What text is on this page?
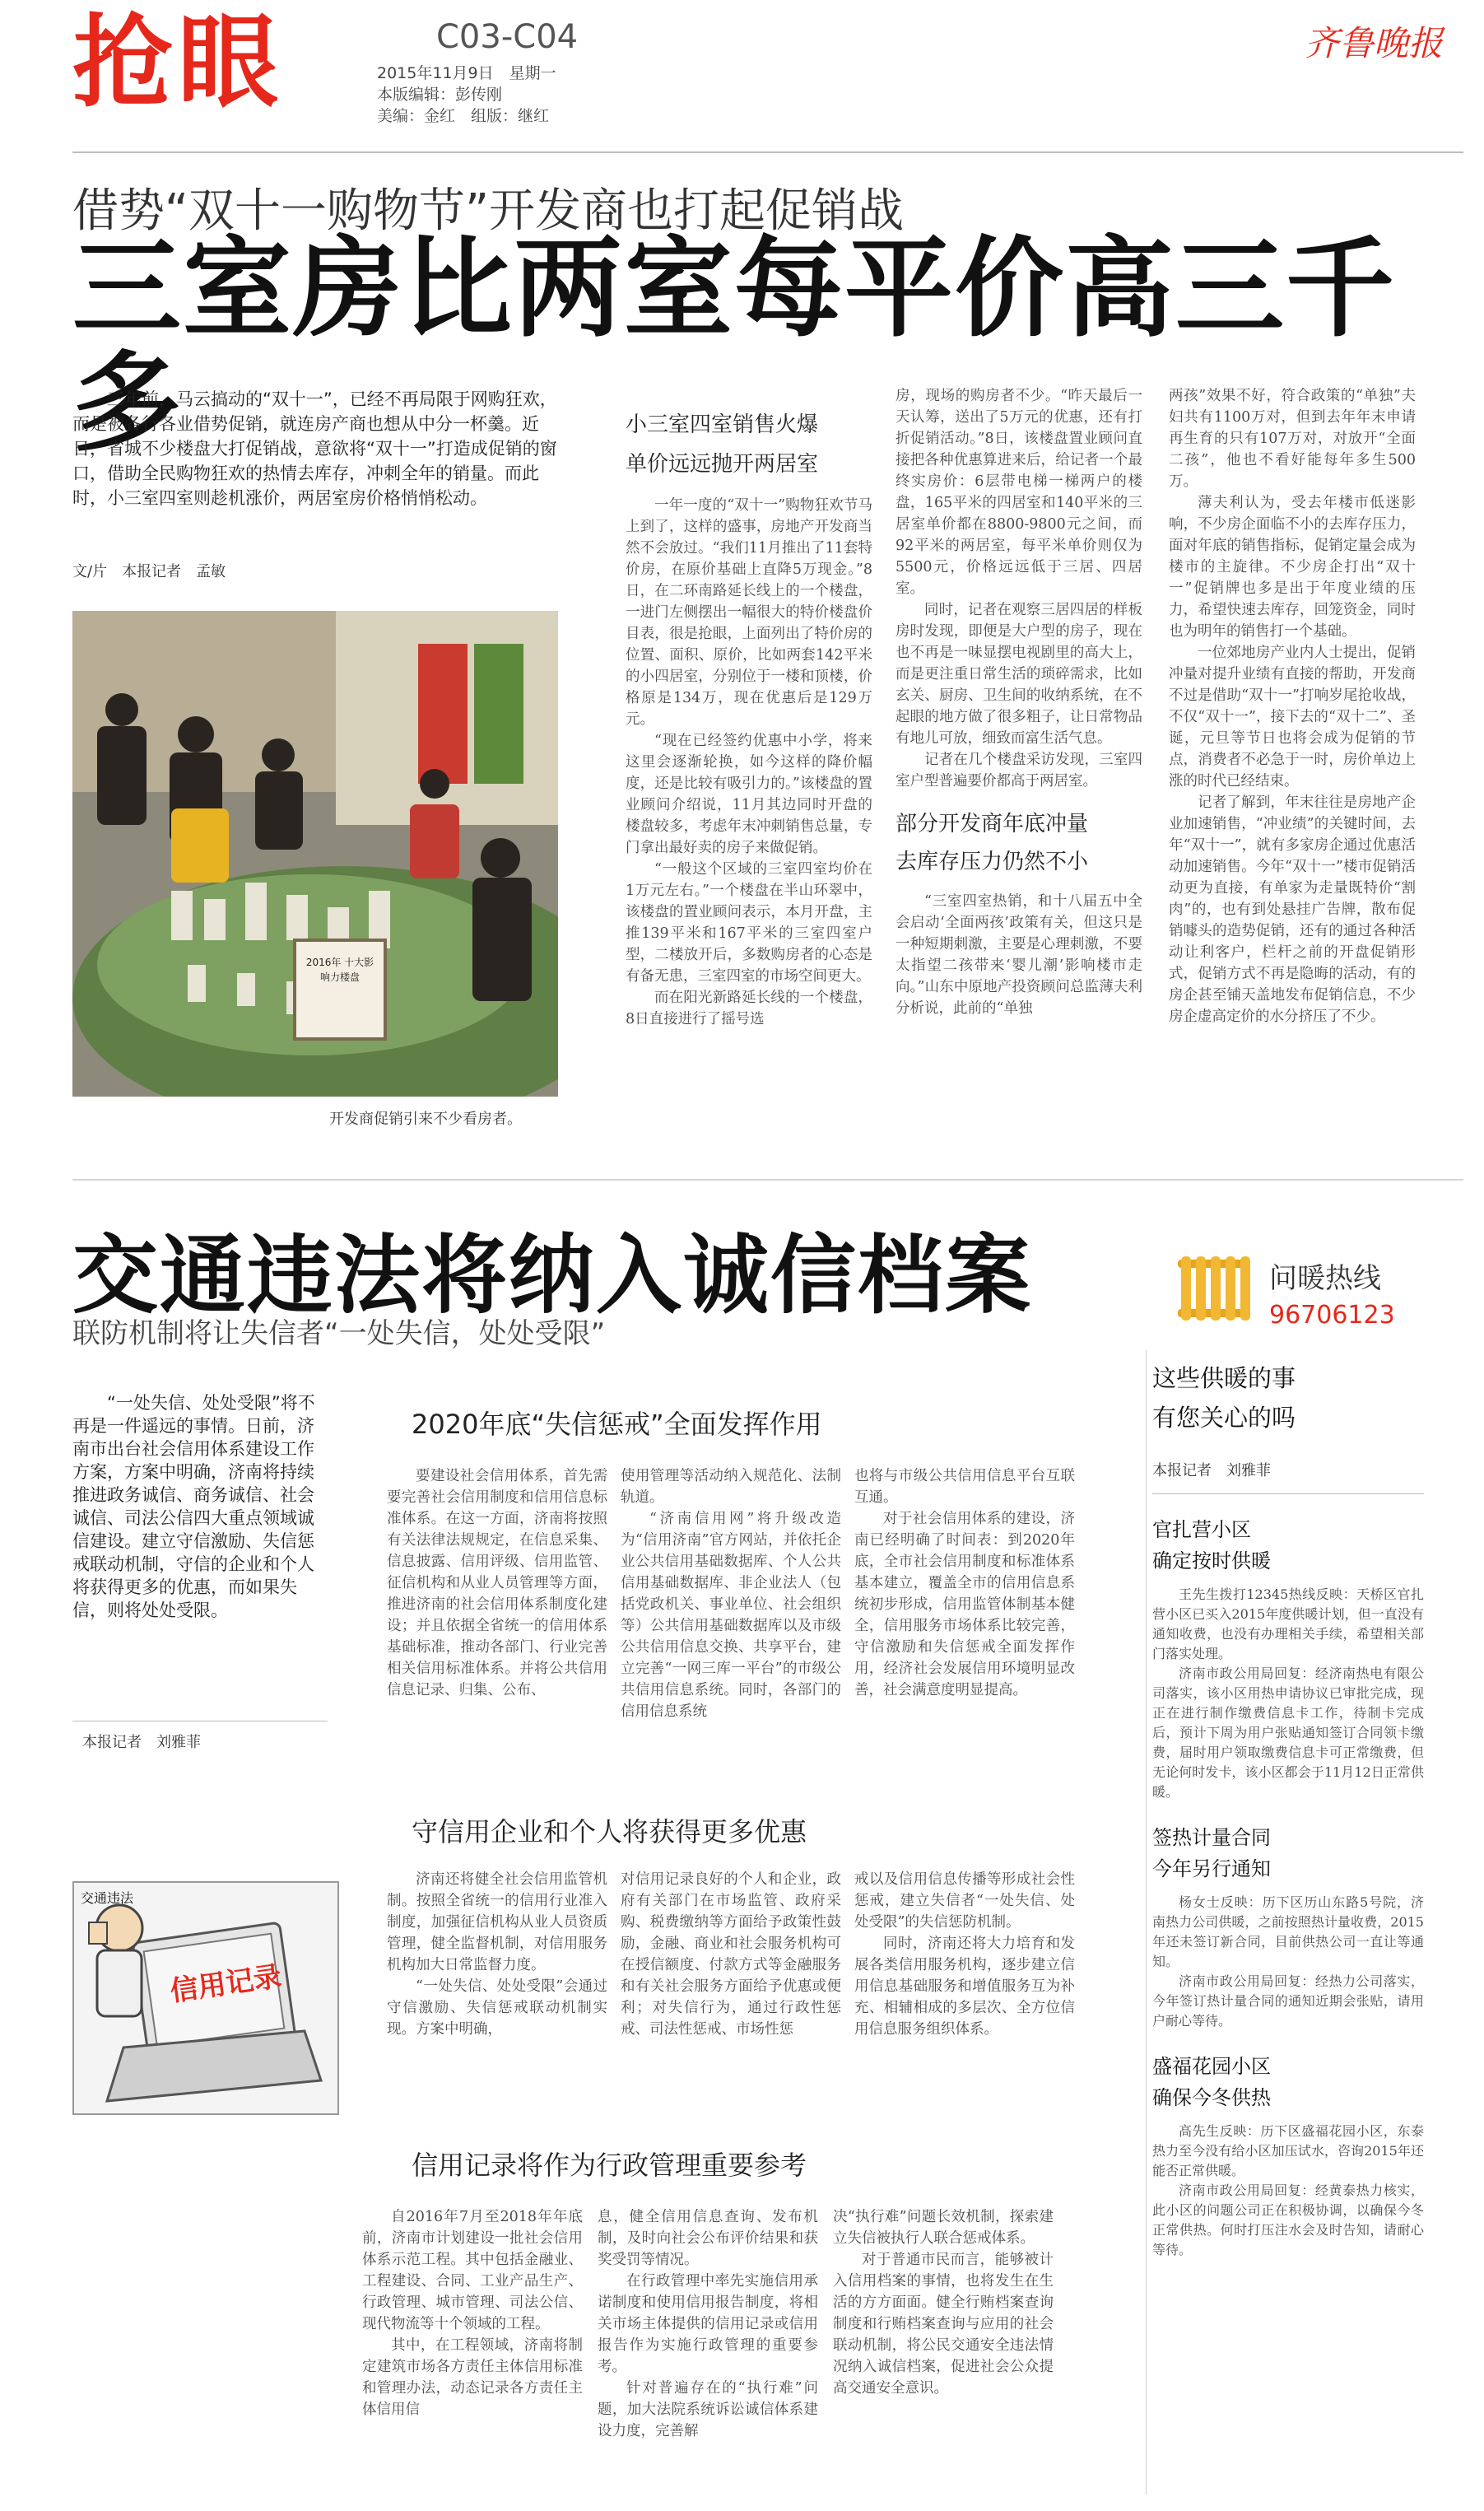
抢眼	C03-C04
2015年11月9日　星期一
本版编辑：彭传刚
美编：金红　组版：继红
齐鲁晚报
借势“双十一购物节”开发商也打起促销战
三室房比两室每平价高三千多

三年前，马云搞动的“双十一”，已经不再局限于网购狂欢，而是被各行各业借势促销，就连房产商也想从中分一杯羹。近日，省城不少楼盘大打促销战，意欲将“双十一”打造成促销的窗口，借助全民购物狂欢的热情去库存，冲刺全年的销量。而此时，小三室四室则趁机涨价，两居室房价格悄悄松动。

文/片　本报记者　孟敏
2016年 十大影响力楼盘
开发商促销引来不少看房者。
小三室四室销售火爆
单价远远抛开两居室

一年一度的“双十一”购物狂欢节马上到了，这样的盛事，房地产开发商当然不会放过。“我们11月推出了11套特价房，在原价基础上直降5万现金。”8日，在二环南路延长线上的一个楼盘，一进门左侧摆出一幅很大的特价楼盘价目表，很是抢眼，上面列出了特价房的位置、面积、原价，比如两套142平米的小四居室，分别位于一楼和顶楼，价格原是134万，现在优惠后是129万元。

“现在已经签约优惠中小学，将来这里会逐渐轮换，如今这样的降价幅度，还是比较有吸引力的。”该楼盘的置业顾问介绍说，11月其边同时开盘的楼盘较多，考虑年末冲刺销售总量，专门拿出最好卖的房子来做促销。

“一般这个区域的三室四室均价在1万元左右。”一个楼盘在半山环翠中，该楼盘的置业顾问表示，本月开盘，主推139平米和167平米的三室四室户型，二楼放开后，多数购房者的心态是有备无患，三室四室的市场空间更大。

而在阳光新路延长线的一个楼盘，8日直接进行了摇号选

房，现场的购房者不少。“昨天最后一天认筹，送出了5万元的优惠，还有打折促销活动。”8日，该楼盘置业顾问直接把各种优惠算进来后，给记者一个最终实房价：6层带电梯一梯两户的楼盘，165平米的四居室和140平米的三居室单价都在8800-9800元之间，而92平米的两居室，每平米单价则仅为5500元，价格远远低于三居、四居室。

同时，记者在观察三居四居的样板房时发现，即便是大户型的房子，现在也不再是一味显摆电视剧里的高大上，而是更注重日常生活的琐碎需求，比如玄关、厨房、卫生间的收纳系统，在不起眼的地方做了很多粗子，让日常物品有地儿可放，细致而富生活气息。

记者在几个楼盘采访发现，三室四室户型普遍要价都高于两居室。

部分开发商年底冲量
去库存压力仍然不小

“三室四室热销，和十八届五中全会启动‘全面两孩’政策有关，但这只是一种短期刺激，主要是心理刺激，不要太指望二孩带来‘婴儿潮’影响楼市走向。”山东中原地产投资顾问总监薄夫利分析说，此前的“单独

两孩”效果不好，符合政策的“单独”夫妇共有1100万对，但到去年年末申请再生育的只有107万对，对放开“全面二孩”，他也不看好能每年多生500万。

薄夫利认为，受去年楼市低迷影响，不少房企面临不小的去库存压力，面对年底的销售指标，促销定量会成为楼市的主旋律。不少房企打出“双十一”促销牌也多是出于年度业绩的压力，希望快速去库存，回笼资金，同时也为明年的销售打一个基础。

一位郊地房产业内人士提出，促销冲量对提升业绩有直接的帮助，开发商不过是借助“双十一”打响岁尾抢收战，不仅“双十一”，接下去的“双十二”、圣诞，元旦等节日也将会成为促销的节点，消费者不必急于一时，房价单边上涨的时代已经结束。

记者了解到，年末往往是房地产企业加速销售，“冲业绩”的关键时间，去年“双十一”，就有多家房企通过优惠活动加速销售。今年“双十一”楼市促销活动更为直接，有单家为走量既特价“割肉”的，也有到处悬挂广告牌，散布促销噱头的造势促销，还有的通过各种活动让利客户，栏杆之前的开盘促销形式，促销方式不再是隐晦的活动，有的房企甚至铺天盖地发布促销信息，不少房企虚高定价的水分挤压了不少。

交通违法将纳入诚信档案
联防机制将让失信者“一处失信，处处受限”
问暖热线
96706123

“一处失信、处处受限”将不再是一件遥远的事情。日前，济南市出台社会信用体系建设工作方案，方案中明确，济南将持续推进政务诚信、商务诚信、社会诚信、司法公信四大重点领域诚信建设。建立守信激励、失信惩戒联动机制，守信的企业和个人将获得更多的优惠，而如果失信，则将处处受限。

本报记者　刘雅菲
交通违法
信用记录
2020年底“失信惩戒”全面发挥作用

要建设社会信用体系，首先需要完善社会信用制度和信用信息标准体系。在这一方面，济南将按照有关法律法规规定，在信息采集、信息披露、信用评级、信用监管、征信机构和从业人员管理等方面，推进济南的社会信用体系制度化建设；并且依据全省统一的信用体系基础标准，推动各部门、行业完善相关信用标准体系。并将公共信用信息记录、归集、公布、

使用管理等活动纳入规范化、法制轨道。

“济南信用网”将升级改造为“信用济南”官方网站，并依托企业公共信用基础数据库、个人公共信用基础数据库、非企业法人（包括党政机关、事业单位、社会组织等）公共信用基础数据库以及市级公共信用信息交换、共享平台，建立完善“一网三库一平台”的市级公共信用信息系统。同时，各部门的信用信息系统

也将与市级公共信用信息平台互联互通。

对于社会信用体系的建设，济南已经明确了时间表：到2020年底，全市社会信用制度和标准体系基本建立，覆盖全市的信用信息系统初步形成，信用监管体制基本健全，信用服务市场体系比较完善，守信激励和失信惩戒全面发挥作用，经济社会发展信用环境明显改善，社会满意度明显提高。

守信用企业和个人将获得更多优惠

济南还将健全社会信用监管机制。按照全省统一的信用行业准入制度，加强征信机构从业人员资质管理，健全监督机制，对信用服务机构加大日常监督力度。

“一处失信、处处受限”会通过守信激励、失信惩戒联动机制实现。方案中明确，

对信用记录良好的个人和企业，政府有关部门在市场监管、政府采购、税费缴纳等方面给予政策性鼓励，金融、商业和社会服务机构可在授信额度、付款方式等金融服务和有关社会服务方面给予优惠或便利；对失信行为，通过行政性惩戒、司法性惩戒、市场性惩

戒以及信用信息传播等形成社会性惩戒，建立失信者“一处失信、处处受限”的失信惩防机制。

同时，济南还将大力培育和发展各类信用服务机构，逐步建立信用信息基础服务和增值服务互为补充、相辅相成的多层次、全方位信用信息服务组织体系。

信用记录将作为行政管理重要参考

自2016年7月至2018年年底前，济南市计划建设一批社会信用体系示范工程。其中包括金融业、工程建设、合同、工业产品生产、行政管理、城市管理、司法公信、现代物流等十个领域的工程。

其中，在工程领域，济南将制定建筑市场各方责任主体信用标准和管理办法，动态记录各方责任主体信用信

息，健全信用信息查询、发布机制，及时向社会公布评价结果和获奖受罚等情况。

在行政管理中率先实施信用承诺制度和使用信用报告制度，将相关市场主体提供的信用记录或信用报告作为实施行政管理的重要参考。

针对普遍存在的“执行难”问题，加大法院系统诉讼诚信体系建设力度，完善解

决“执行难”问题长效机制，探索建立失信被执行人联合惩戒体系。

对于普通市民而言，能够被计入信用档案的事情，也将发生在生活的方方面面。健全行贿档案查询制度和行贿档案查询与应用的社会联动机制，将公民交通安全违法情况纳入诚信档案，促进社会公众提高交通安全意识。

这些供暖的事
有您关心的吗
本报记者　刘雅菲
官扎营小区
确定按时供暖

王先生拨打12345热线反映：天桥区官扎营小区已买入2015年度供暖计划，但一直没有通知收费，也没有办理相关手续，希望相关部门落实处理。

济南市政公用局回复：经济南热电有限公司落实，该小区用热申请协议已审批完成，现正在进行制作缴费信息卡工作，待制卡完成后，预计下周为用户张贴通知签订合同领卡缴费，届时用户领取缴费信息卡可正常缴费，但无论何时发卡，该小区都会于11月12日正常供暖。

签热计量合同
今年另行通知

杨女士反映：历下区历山东路5号院，济南热力公司供暖，之前按照热计量收费，2015年还未签订新合同，目前供热公司一直让等通知。

济南市政公用局回复：经热力公司落实，今年签订热计量合同的通知近期会张贴，请用户耐心等待。

盛福花园小区
确保今冬供热

高先生反映：历下区盛福花园小区，东泰热力至今没有给小区加压试水，咨询2015年还能否正常供暖。

济南市政公用局回复：经黄泰热力核实，此小区的问题公司正在积极协调，以确保今冬正常供热。何时打压注水会及时告知，请耐心等待。
